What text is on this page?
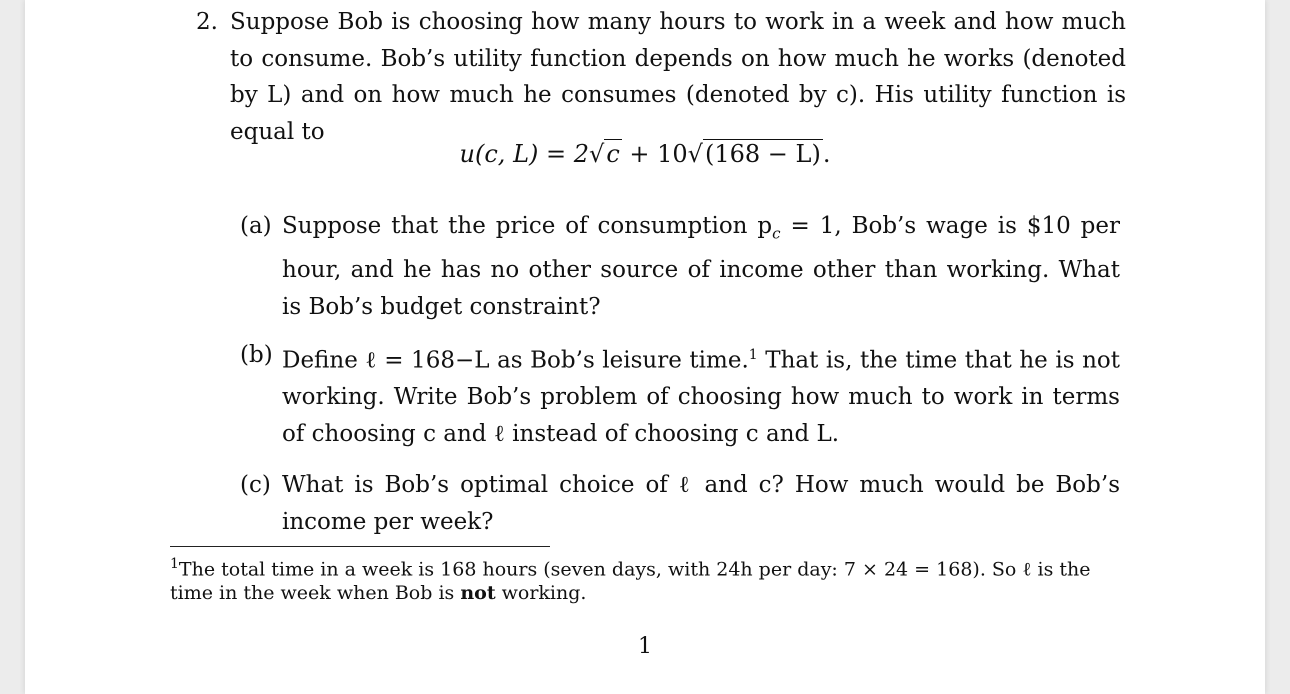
2. Suppose Bob is choosing how many hours to work in a week and how much to consume. Bob’s utility function depends on how much he works (denoted by L) and on how much he consumes (denoted by c). His utility function is equal to
u(c, L) = 2√c + 10√(168 − L).
(a) Suppose that the price of consumption $p_c = 1$, Bob’s wage is $10 per hour, and he has no other source of income other than working. What is Bob’s budget constraint?
(b) Define ℓ = 168−L as Bob’s leisure time.$^1$ That is, the time that he is not working. Write Bob’s problem of choosing how much to work in terms of choosing c and ℓ instead of choosing c and L.
(c) What is Bob’s optimal choice of ℓ and c? How much would be Bob’s income per week?
$^1$The total time in a week is 168 hours (seven days, with 24h per day: 7 × 24 = 168). So ℓ is the time in the week when Bob is not working.
1
